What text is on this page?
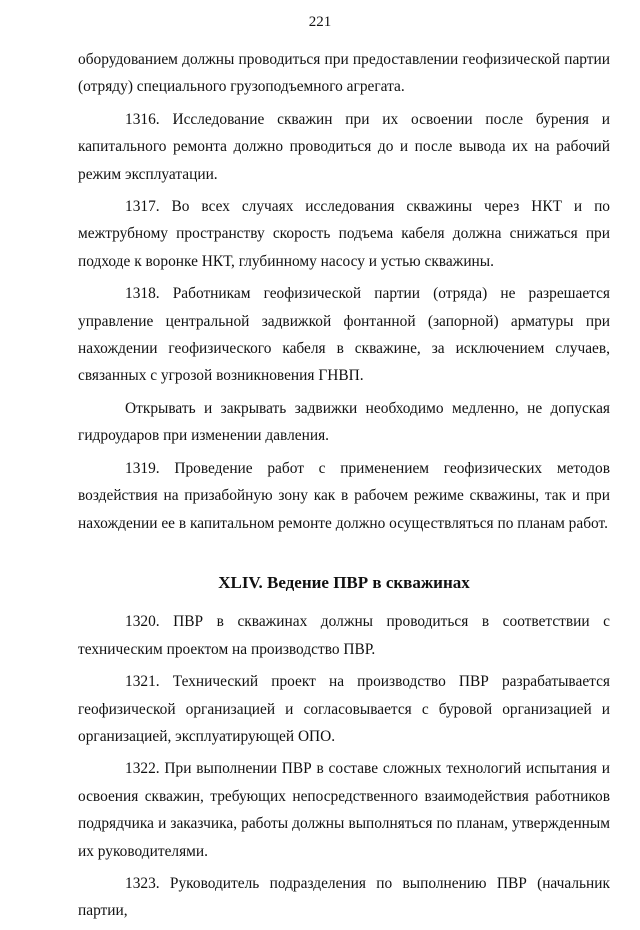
221

оборудованием должны проводиться при предоставлении геофизической партии (отряду) специального грузоподъемного агрегата.

1316. Исследование скважин при их освоении после бурения и капитального ремонта должно проводиться до и после вывода их на рабочий режим эксплуатации.

1317. Во всех случаях исследования скважины через НКТ и по межтрубному пространству скорость подъема кабеля должна снижаться при подходе к воронке НКТ, глубинному насосу и устью скважины.

1318. Работникам геофизической партии (отряда) не разрешается управление центральной задвижкой фонтанной (запорной) арматуры при нахождении геофизического кабеля в скважине, за исключением случаев, связанных с угрозой возникновения ГНВП.

Открывать и закрывать задвижки необходимо медленно, не допуская гидроударов при изменении давления.

1319. Проведение работ с применением геофизических методов воздействия на призабойную зону как в рабочем режиме скважины, так и при нахождении ее в капитальном ремонте должно осуществляться по планам работ.

XLIV. Ведение ПВР в скважинах

1320. ПВР в скважинах должны проводиться в соответствии с техническим проектом на производство ПВР.

1321. Технический проект на производство ПВР разрабатывается геофизической организацией и согласовывается с буровой организацией и организацией, эксплуатирующей ОПО.

1322. При выполнении ПВР в составе сложных технологий испытания и освоения скважин, требующих непосредственного взаимодействия работников подрядчика и заказчика, работы должны выполняться по планам, утвержденным их руководителями.

1323. Руководитель подразделения по выполнению ПВР (начальник партии,
